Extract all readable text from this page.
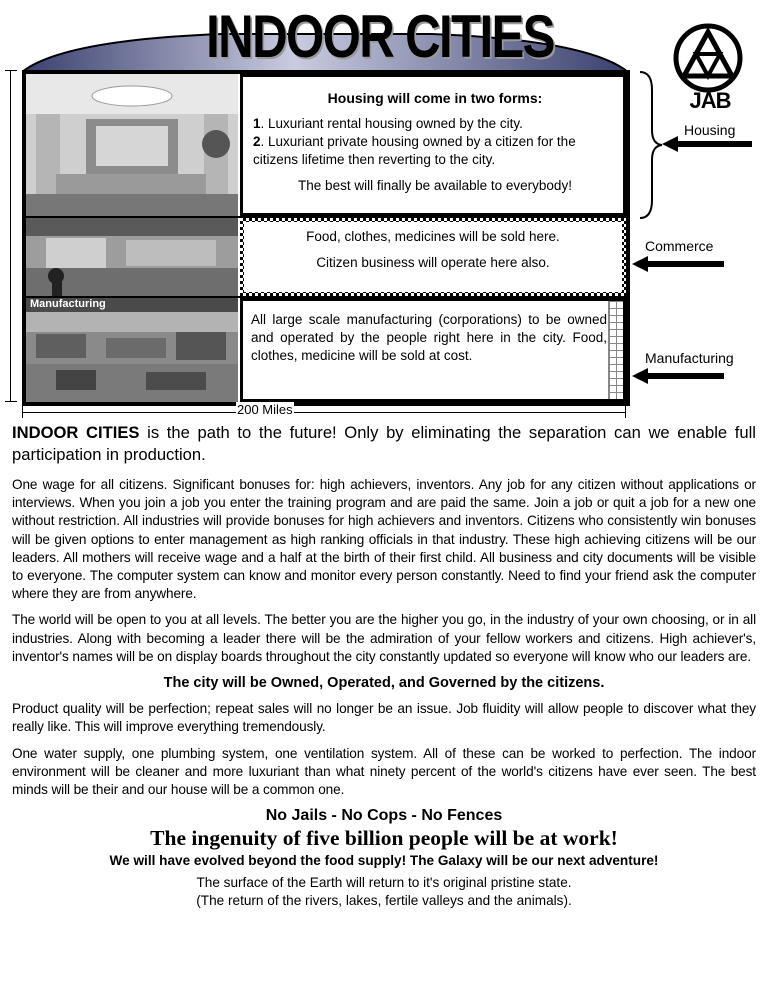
INDOOR CITIES
JAB
Housing will come in two forms:
1. Luxuriant rental housing owned by the city.
2. Luxuriant private housing owned by a citizen for the citizens lifetime then reverting to the city.
The best will finally be available to everybody!
Food, clothes, medicines will be sold here.
Citizen business will operate here also.
Manufacturing
All large scale manufacturing (corporations) to be owned and operated by the people right here in the city. Food, clothes, medicine will be sold at cost.
200 Miles
Housing
Commerce
Manufacturing

INDOOR CITIES is the path to the future! Only by eliminating the separation can we enable full participation in production.

One wage for all citizens. Significant bonuses for: high achievers, inventors. Any job for any citizen without applications or interviews. When you join a job you enter the training program and are paid the same. Join a job or quit a job for a new one without restriction. All industries will provide bonuses for high achievers and inventors. Citizens who consistently win bonuses will be given options to enter management as high ranking officials in that industry. These high achieving citizens will be our leaders. All mothers will receive wage and a half at the birth of their first child. All business and city documents will be visible to everyone. The computer system can know and monitor every person constantly. Need to find your friend ask the computer where they are from anywhere.

The world will be open to you at all levels. The better you are the higher you go, in the industry of your own choosing, or in all industries. Along with becoming a leader there will be the admiration of your fellow workers and citizens. High achiever's, inventor's names will be on display boards throughout the city constantly updated so everyone will know who our leaders are.

The city will be Owned, Operated, and Governed by the citizens.

Product quality will be perfection; repeat sales will no longer be an issue. Job fluidity will allow people to discover what they really like. This will improve everything tremendously.

One water supply, one plumbing system, one ventilation system. All of these can be worked to perfection. The indoor environment will be cleaner and more luxuriant than what ninety percent of the world's citizens have ever seen. The best minds will be their and our house will be a common one.

No Jails - No Cops - No Fences

The ingenuity of five billion people will be at work!

We will have evolved beyond the food supply! The Galaxy will be our next adventure!

The surface of the Earth will return to it's original pristine state.
(The return of the rivers, lakes, fertile valleys and the animals).
